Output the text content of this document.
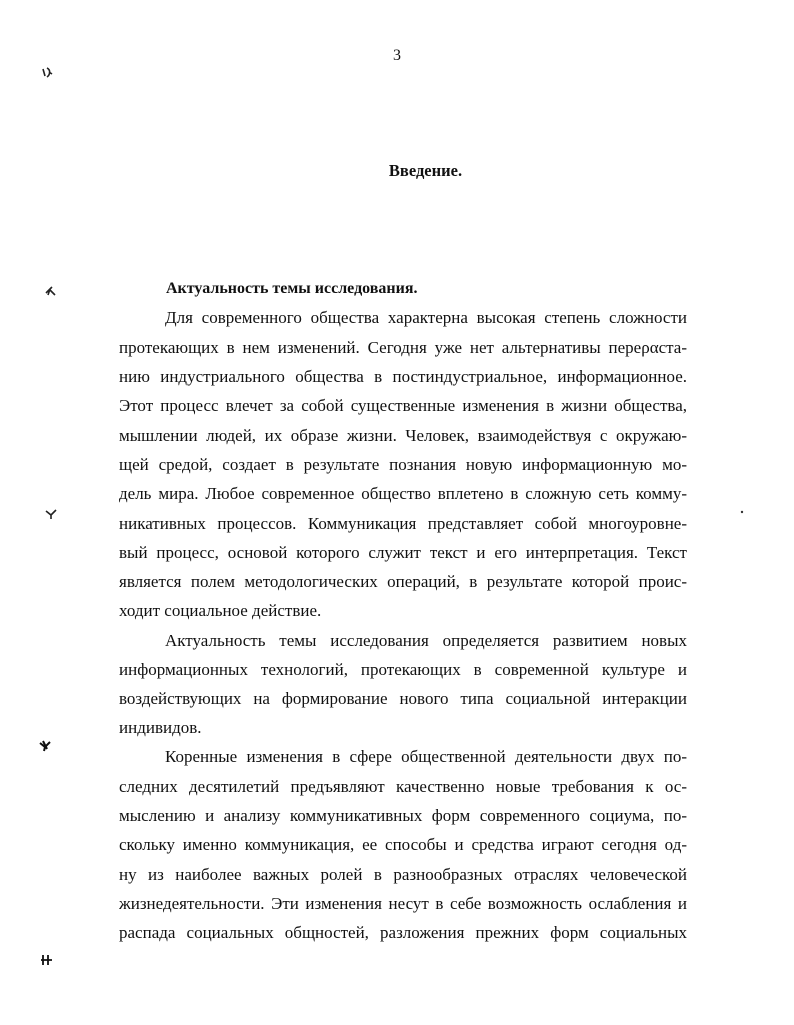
3
Введение.
Актуальность темы исследования.
Для современного общества характерна высокая степень сложности
протекающих в нем изменений. Сегодня уже нет альтернативы переραста-
нию индустриального общества в постиндустриальное, информационное.
Этот процесс влечет за собой существенные изменения в жизни общества,
мышлении людей, их образе жизни. Человек, взаимодействуя с окружаю-
щей средой, создает в результате познания новую информационную мо-
дель мира. Любое современное общество вплетено в сложную сеть комму-
никативных процессов. Коммуникация представляет собой многоуровне-
вый процесс, основой которого служит текст и его интерпретация. Текст
является полем методологических операций, в результате которой проис-
ходит социальное действие.
Актуальность темы исследования определяется развитием новых
информационных технологий, протекающих в современной культуре и
воздействующих на формирование нового типа социальной интеракции
индивидов.
Коренные изменения в сфере общественной деятельности двух по-
следних десятилетий предъявляют качественно новые требования к ос-
мыслению и анализу коммуникативных форм современного социума, по-
скольку именно коммуникация, ее способы и средства играют сегодня од-
ну из наиболее важных ролей в разнообразных отраслях человеческой
жизнедеятельности. Эти изменения несут в себе возможность ослабления и
распада социальных общностей, разложения прежних форм социальных
